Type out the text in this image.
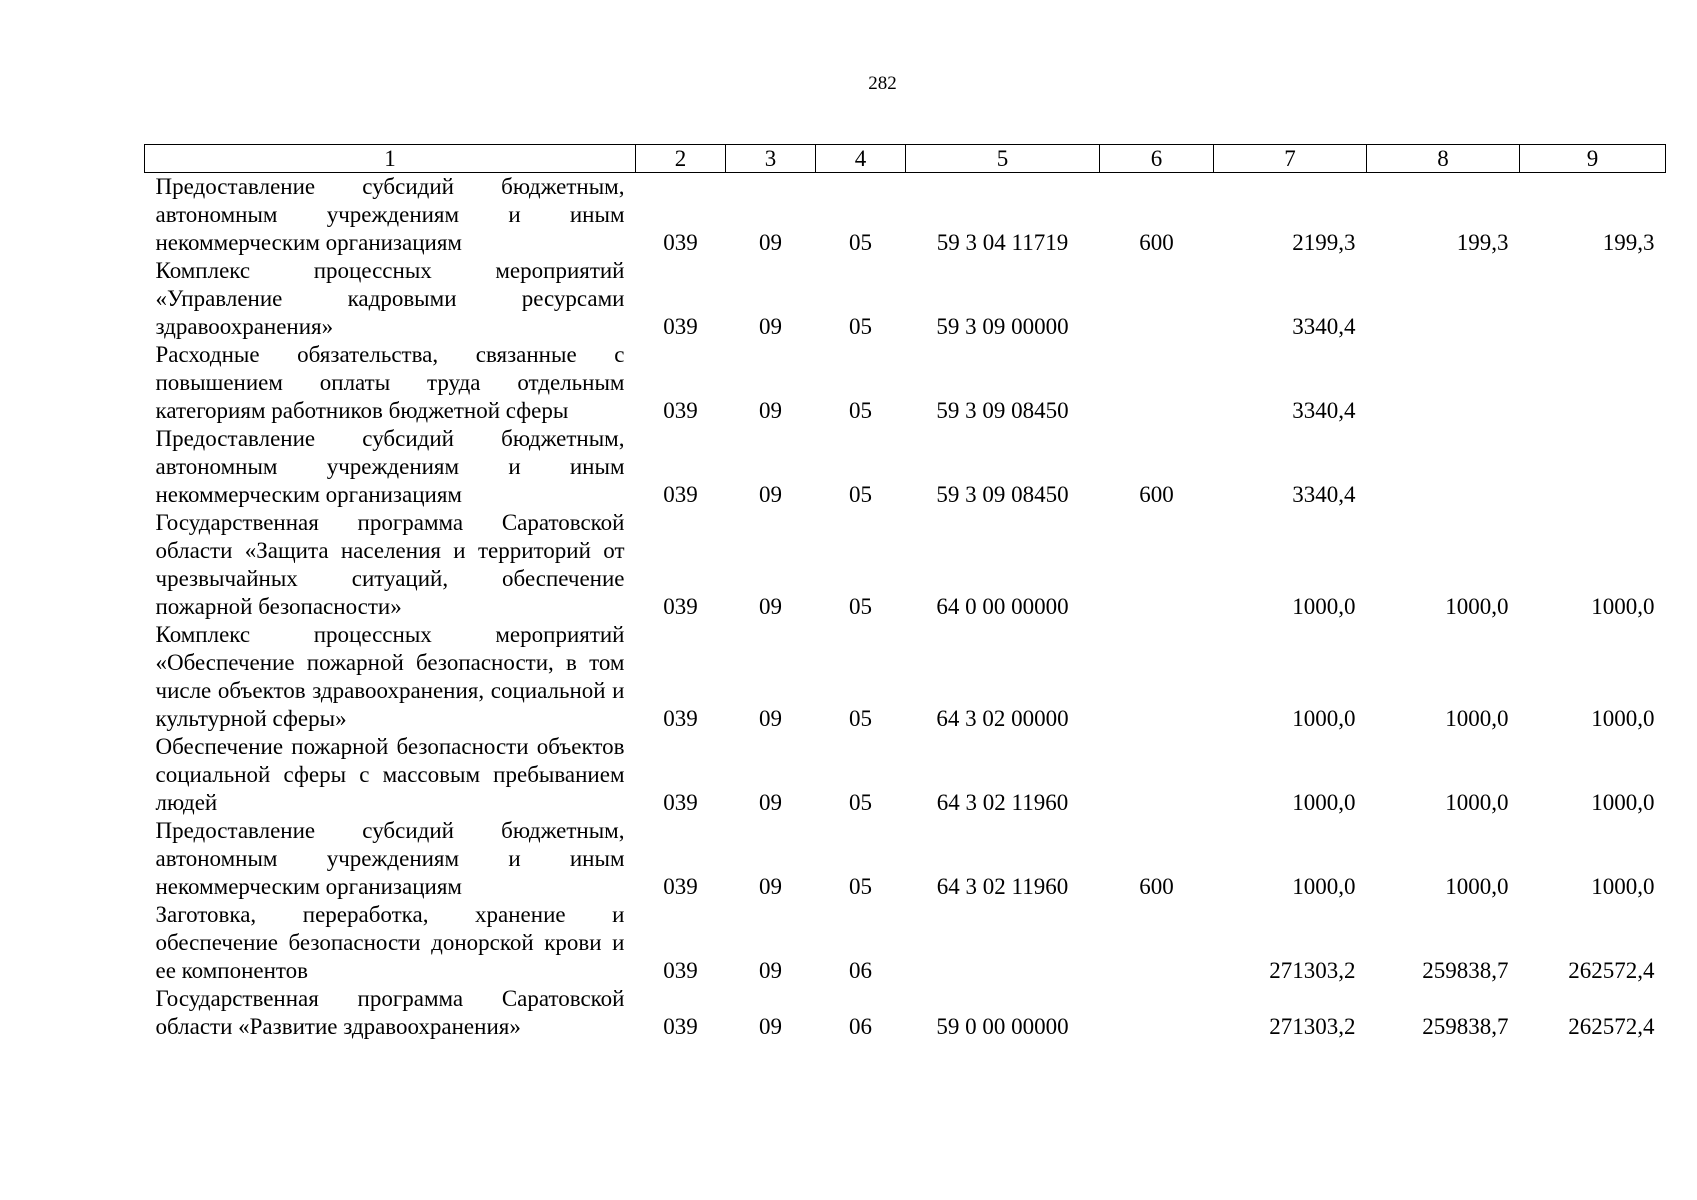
282
1	2	3	4	5	6	7	8	9
Предоставление субсидий бюджетным, автономным учреждениям и иным некоммерческим организациям	039	09	05	59 3 04 11719	600	2199,3	199,3	199,3
Комплекс процессных мероприятий «Управление кадровыми ресурсами здравоохранения»	039	09	05	59 3 09 00000		3340,4		
Расходные обязательства, связанные с повышением оплаты труда отдельным категориям работников бюджетной сферы	039	09	05	59 3 09 08450		3340,4		
Предоставление субсидий бюджетным, автономным учреждениям и иным некоммерческим организациям	039	09	05	59 3 09 08450	600	3340,4		
Государственная программа Саратовской области «Защита населения и территорий от чрезвычайных ситуаций, обеспечение пожарной безопасности»	039	09	05	64 0 00 00000		1000,0	1000,0	1000,0
Комплекс процессных мероприятий «Обеспечение пожарной безопасности, в том числе объектов здравоохранения, социальной и культурной сферы»	039	09	05	64 3 02 00000		1000,0	1000,0	1000,0
Обеспечение пожарной безопасности объектов социальной сферы с массовым пребыванием людей	039	09	05	64 3 02 11960		1000,0	1000,0	1000,0
Предоставление субсидий бюджетным, автономным учреждениям и иным некоммерческим организациям	039	09	05	64 3 02 11960	600	1000,0	1000,0	1000,0
Заготовка, переработка, хранение и обеспечение безопасности донорской крови и ее компонентов	039	09	06			271303,2	259838,7	262572,4
Государственная программа Саратовской области «Развитие здравоохранения»	039	09	06	59 0 00 00000		271303,2	259838,7	262572,4
